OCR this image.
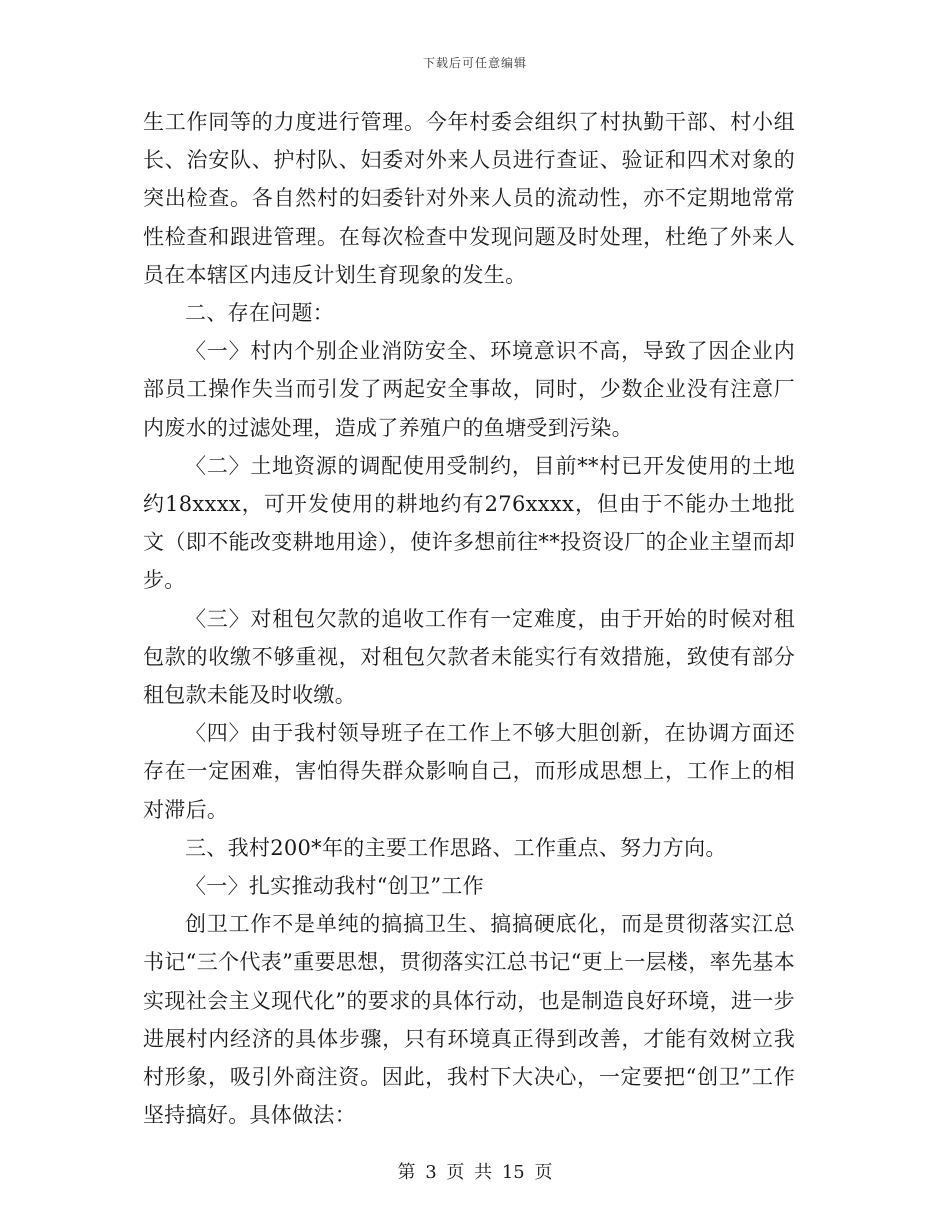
下载后可任意编辑

生工作同等的力度进行管理。今年村委会组织了村执勤干部、村小组长、治安队、护村队、妇委对外来人员进行查证、验证和四术对象的突出检查。各自然村的妇委针对外来人员的流动性，亦不定期地常常性检查和跟进管理。在每次检查中发现问题及时处理，杜绝了外来人员在本辖区内违反计划生育现象的发生。

二、存在问题：

〈一〉村内个别企业消防安全、环境意识不高，导致了因企业内部员工操作失当而引发了两起安全事故，同时，少数企业没有注意厂内废水的过滤处理，造成了养殖户的鱼塘受到污染。

〈二〉土地资源的调配使用受制约，目前**村已开发使用的土地约18xxxx，可开发使用的耕地约有276xxxx，但由于不能办土地批文（即不能改变耕地用途），使许多想前往**投资设厂的企业主望而却步。

〈三〉对租包欠款的追收工作有一定难度，由于开始的时候对租包款的收缴不够重视，对租包欠款者未能实行有效措施，致使有部分租包款未能及时收缴。

〈四〉由于我村领导班子在工作上不够大胆创新，在协调方面还存在一定困难，害怕得失群众影响自己，而形成思想上，工作上的相对滞后。

三、我村200*年的主要工作思路、工作重点、努力方向。

〈一〉扎实推动我村“创卫”工作

创卫工作不是单纯的搞搞卫生、搞搞硬底化，而是贯彻落实江总书记“三个代表”重要思想，贯彻落实江总书记“更上一层楼，率先基本实现社会主义现代化”的要求的具体行动，也是制造良好环境，进一步进展村内经济的具体步骤，只有环境真正得到改善，才能有效树立我村形象，吸引外商注资。因此，我村下大决心，一定要把“创卫”工作坚持搞好。具体做法：

第 3 页 共 15 页
